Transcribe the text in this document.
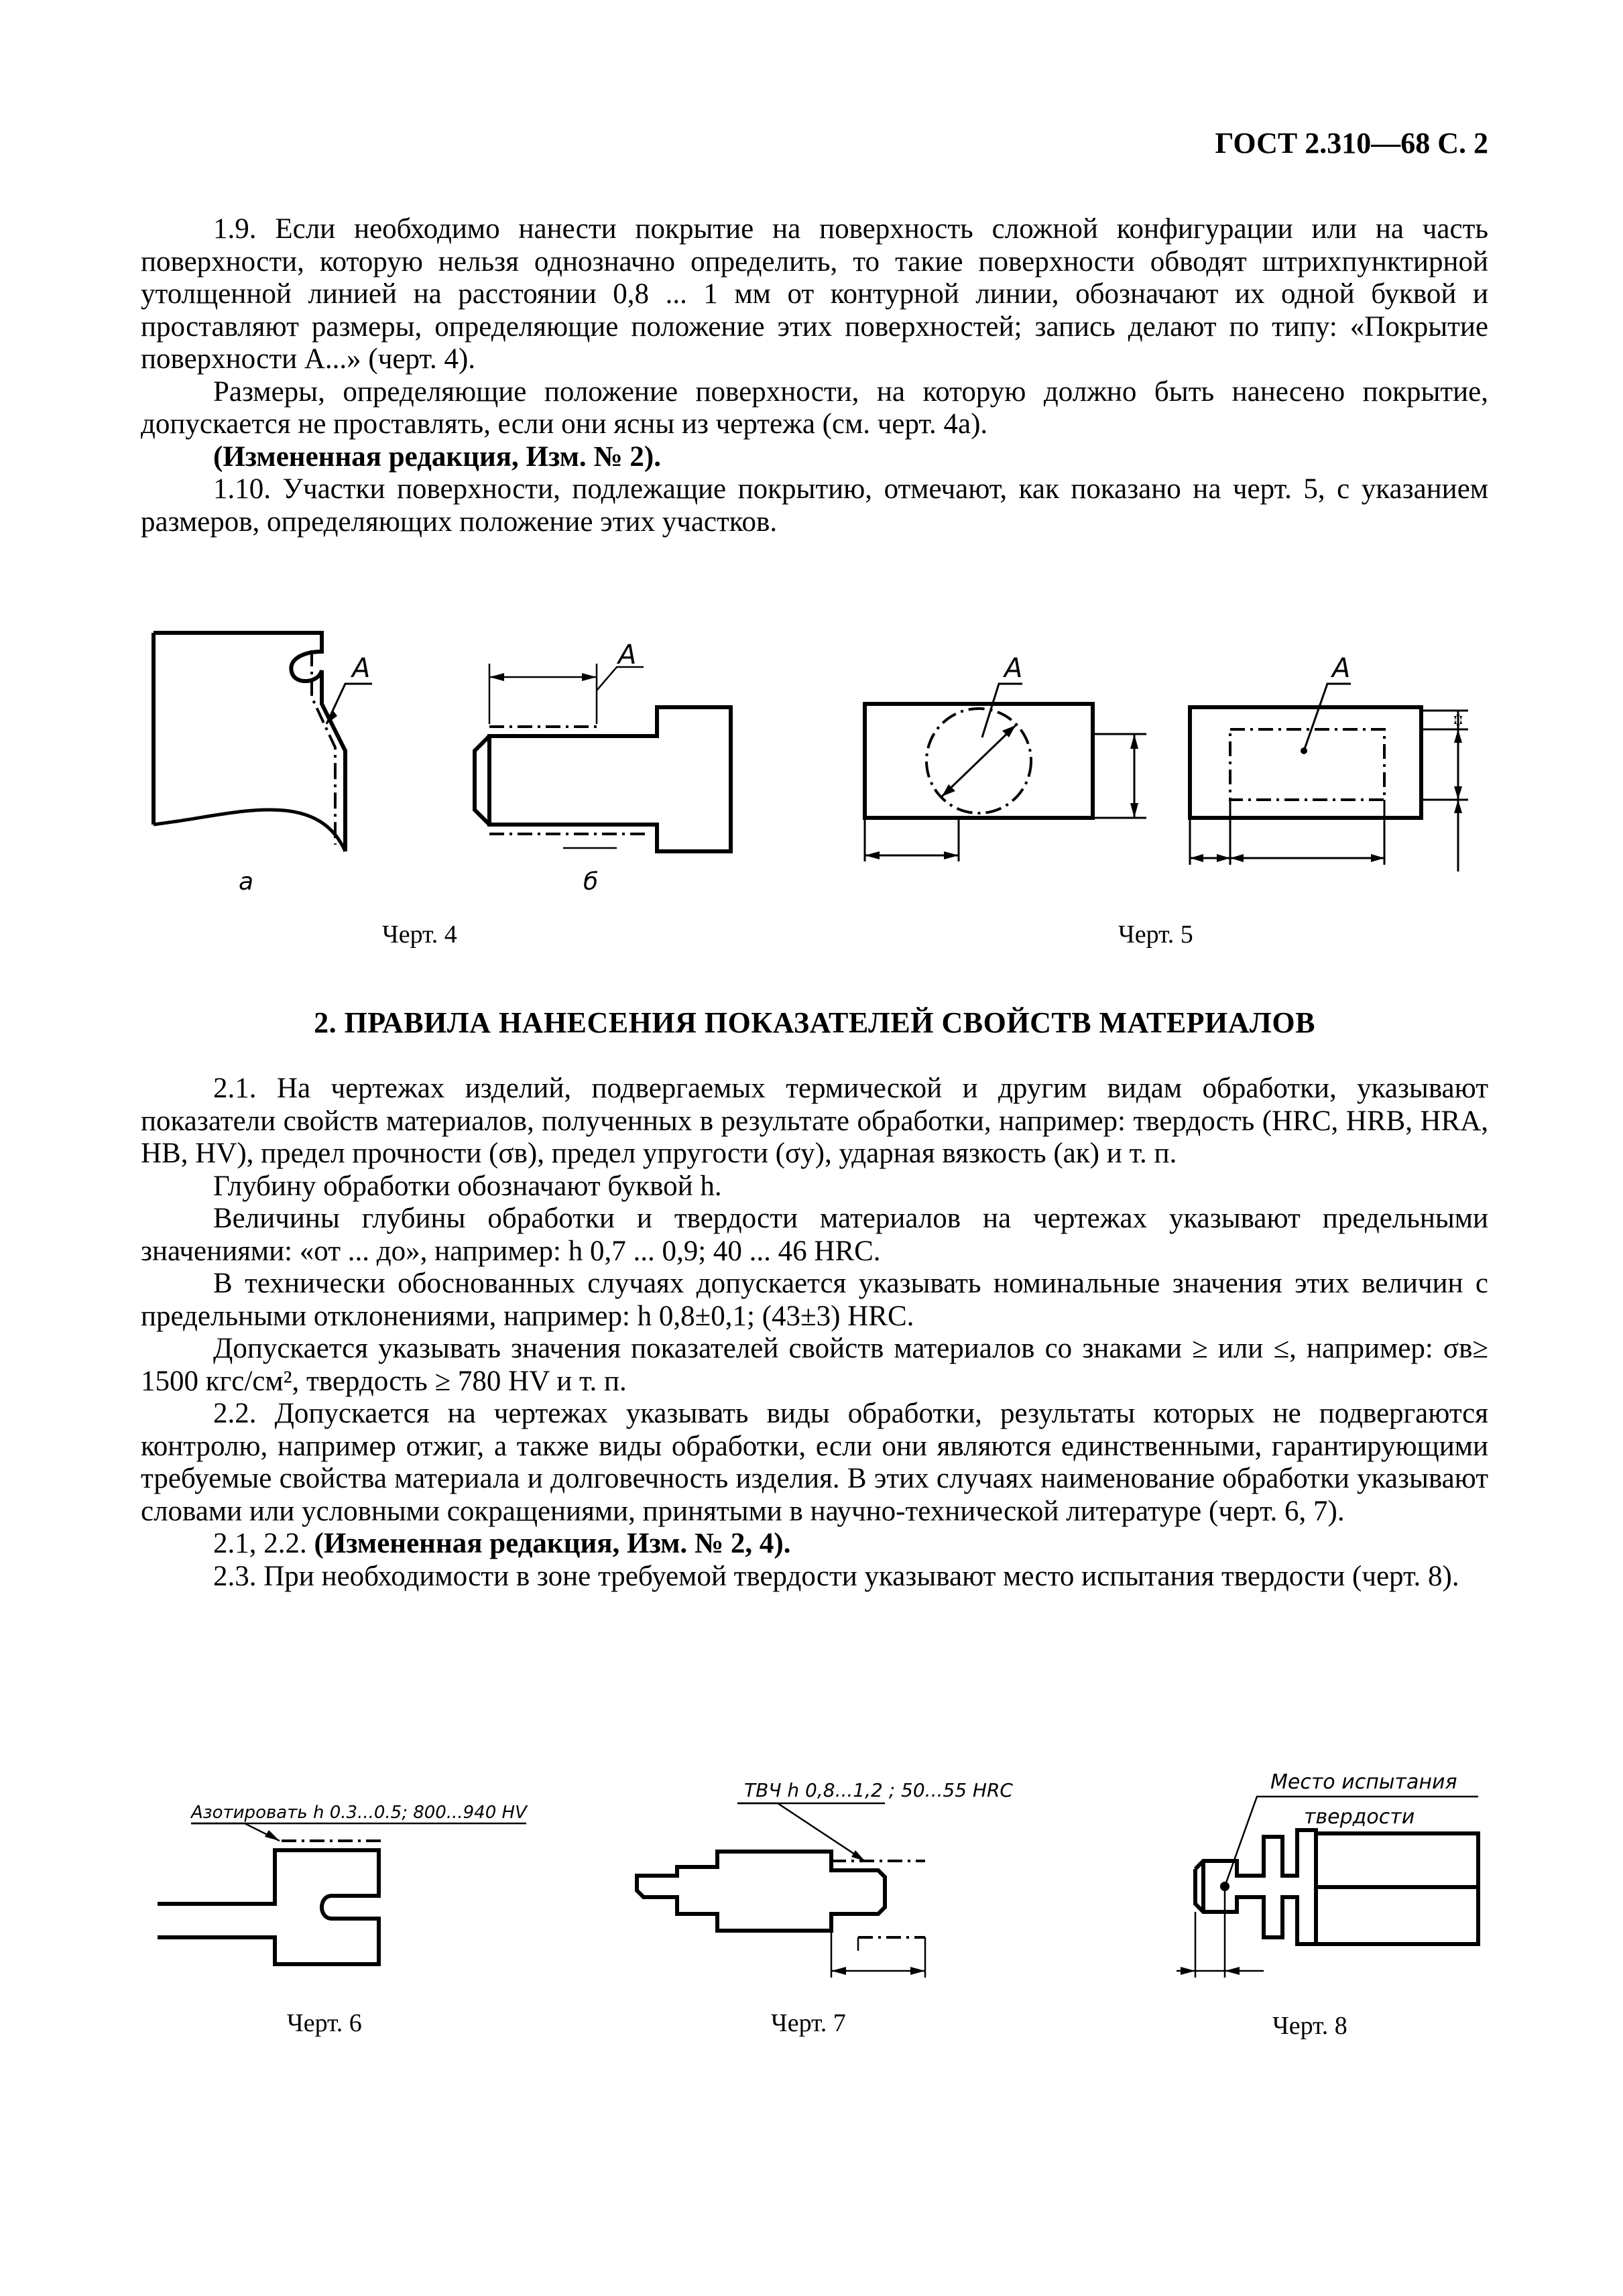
ГОСТ 2.310—68 С. 2

1.9. Если необходимо нанести покрытие на поверхность сложной конфигурации или на часть поверхности, которую нельзя однозначно определить, то такие поверхности обводят штрихпунктирной утолщенной линией на расстоянии 0,8 ... 1 мм от контурной линии, обозначают их одной буквой и проставляют размеры, определяющие положение этих поверхностей; запись делают по типу: «Покрытие поверхности A...» (черт. 4).

Размеры, определяющие положение поверхности, на которую должно быть нанесено покрытие, допускается не проставлять, если они ясны из чертежа (см. черт. 4а).

(Измененная редакция, Изм. № 2).

1.10. Участки поверхности, подлежащие покрытию, отмечают, как показано на черт. 5, с указанием размеров, определяющих положение этих участков.

A
а
A
б
Черт. 4
A	A
Черт. 5
2. ПРАВИЛА НАНЕСЕНИЯ ПОКАЗАТЕЛЕЙ СВОЙСТВ МАТЕРИАЛОВ

2.1. На чертежах изделий, подвергаемых термической и другим видам обработки, указывают показатели свойств материалов, полученных в результате обработки, например: твердость (HRC, HRB, HRA, HB, HV), предел прочности (σв), предел упругости (σу), ударная вязкость (aк) и т. п.

Глубину обработки обозначают буквой h.

Величины глубины обработки и твердости материалов на чертежах указывают предельными значениями: «от ... до», например: h 0,7 ... 0,9; 40 ... 46 HRC.

В технически обоснованных случаях допускается указывать номинальные значения этих величин с предельными отклонениями, например: h 0,8±0,1; (43±3) HRC.

Допускается указывать значения показателей свойств материалов со знаками ≥ или ≤, например: σв≥ 1500 кгс/см², твердость ≥ 780 HV и т. п.

2.2. Допускается на чертежах указывать виды обработки, результаты которых не подвергаются контролю, например отжиг, а также виды обработки, если они являются единственными, гарантирующими требуемые свойства материала и долговечность изделия. В этих случаях наименование обработки указывают словами или условными сокращениями, принятыми в научно-технической литературе (черт. 6, 7).

2.1, 2.2. (Измененная редакция, Изм. № 2, 4).

2.3. При необходимости в зоне требуемой твердости указывают место испытания твердости (черт. 8).

Азотировать h 0.3...0.5; 800...940 HV
Черт. 6
ТВЧ h 0,8...1,2 ; 50...55 HRC
Черт. 7
Место испытания
твердости
Черт. 8
